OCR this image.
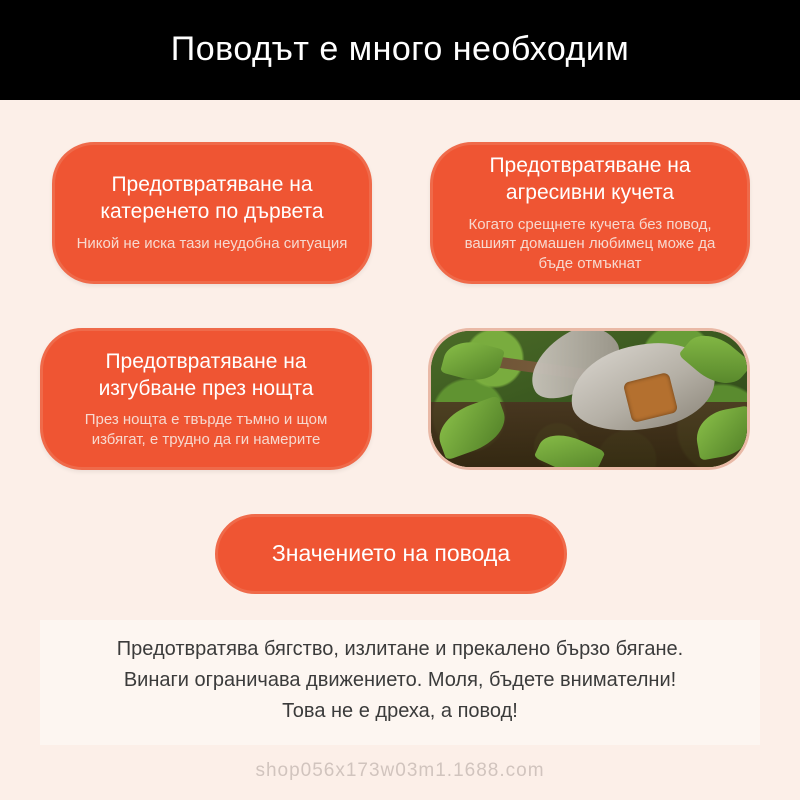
Поводът е много необходим
Предотвратяване на катеренето по дървета
Никой не иска тази неудобна ситуация
Предотвратяване на агресивни кучета
Когато срещнете кучета без повод, вашият домашен любимец може да бъде отмъкнат
Предотвратяване на изгубване през нощта
През нощта е твърде тъмно и щом избягат, е трудно да ги намерите
Значението на повода
Предотвратява бягство, излитане и прекалено бързо бягане.
Винаги ограничава движението. Моля, бъдете внимателни!
Това не е дреха, а повод!
shop056x173w03m1.1688.com
